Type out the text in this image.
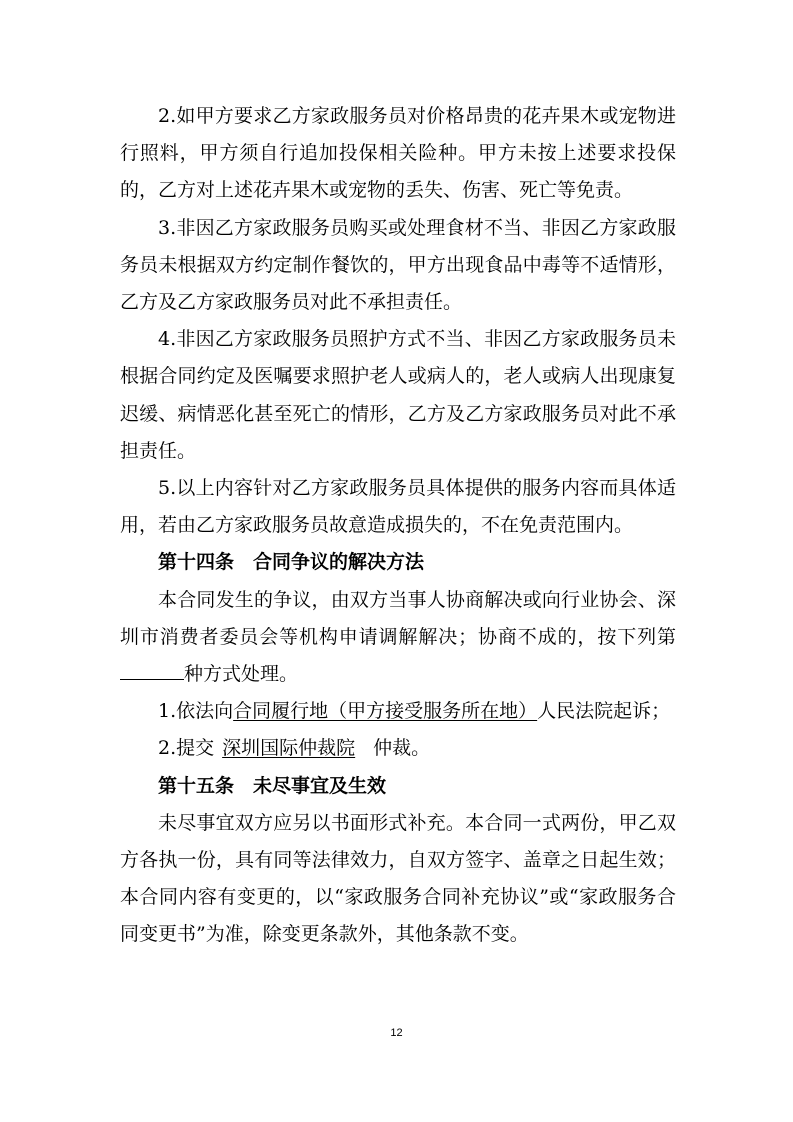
2.如甲方要求乙方家政服务员对价格昂贵的花卉果木或宠物进行照料，甲方须自行追加投保相关险种。甲方未按上述要求投保的，乙方对上述花卉果木或宠物的丢失、伤害、死亡等免责。

3.非因乙方家政服务员购买或处理食材不当、非因乙方家政服务员未根据双方约定制作餐饮的，甲方出现食品中毒等不适情形，乙方及乙方家政服务员对此不承担责任。

4.非因乙方家政服务员照护方式不当、非因乙方家政服务员未根据合同约定及医嘱要求照护老人或病人的，老人或病人出现康复迟缓、病情恶化甚至死亡的情形，乙方及乙方家政服务员对此不承担责任。

5.以上内容针对乙方家政服务员具体提供的服务内容而具体适用，若由乙方家政服务员故意造成损失的，不在免责范围内。

第十四条 合同争议的解决方法

本合同发生的争议，由双方当事人协商解决或向行业协会、深圳市消费者委员会等机构申请调解解决；协商不成的，按下列第种方式处理。

1.依法向合同履行地（甲方接受服务所在地）人民法院起诉；

2.提交 深圳国际仲裁院 仲裁。

第十五条 未尽事宜及生效

未尽事宜双方应另以书面形式补充。本合同一式两份，甲乙双方各执一份，具有同等法律效力，自双方签字、盖章之日起生效；本合同内容有变更的，以“家政服务合同补充协议”或“家政服务合同变更书”为准，除变更条款外，其他条款不变。

12
